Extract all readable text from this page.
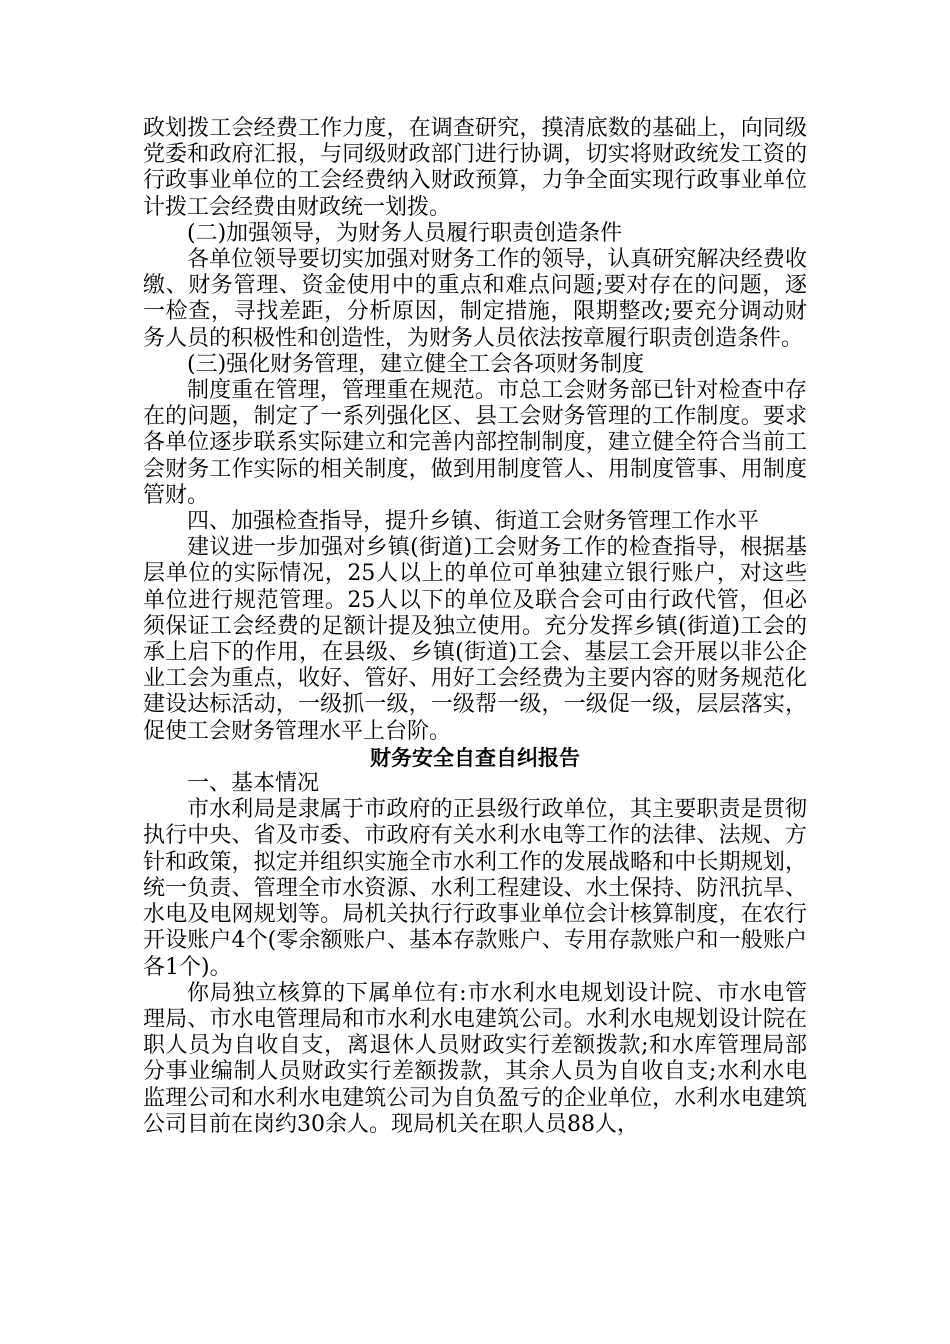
政划拨工会经费工作力度，在调查研究，摸清底数的基础上，向同级党委和政府汇报，与同级财政部门进行协调，切实将财政统发工资的行政事业单位的工会经费纳入财政预算，力争全面实现行政事业单位计拨工会经费由财政统一划拨。

(二)加强领导，为财务人员履行职责创造条件

各单位领导要切实加强对财务工作的领导，认真研究解决经费收缴、财务管理、资金使用中的重点和难点问题;要对存在的问题，逐一检查，寻找差距，分析原因，制定措施，限期整改;要充分调动财务人员的积极性和创造性，为财务人员依法按章履行职责创造条件。

(三)强化财务管理，建立健全工会各项财务制度

制度重在管理，管理重在规范。市总工会财务部已针对检查中存在的问题，制定了一系列强化区、县工会财务管理的工作制度。要求各单位逐步联系实际建立和完善内部控制制度，建立健全符合当前工会财务工作实际的相关制度，做到用制度管人、用制度管事、用制度管财。

四、加强检查指导，提升乡镇、街道工会财务管理工作水平

建议进一步加强对乡镇(街道)工会财务工作的检查指导，根据基层单位的实际情况，25人以上的单位可单独建立银行账户，对这些单位进行规范管理。25人以下的单位及联合会可由行政代管，但必须保证工会经费的足额计提及独立使用。充分发挥乡镇(街道)工会的承上启下的作用，在县级、乡镇(街道)工会、基层工会开展以非公企业工会为重点，收好、管好、用好工会经费为主要内容的财务规范化建设达标活动，一级抓一级，一级帮一级，一级促一级，层层落实，促使工会财务管理水平上台阶。

财务安全自查自纠报告

一、基本情况

市水利局是隶属于市政府的正县级行政单位，其主要职责是贯彻执行中央、省及市委、市政府有关水利水电等工作的法律、法规、方针和政策，拟定并组织实施全市水利工作的发展战略和中长期规划，统一负责、管理全市水资源、水利工程建设、水土保持、防汛抗旱、水电及电网规划等。局机关执行行政事业单位会计核算制度，在农行开设账户4个(零余额账户、基本存款账户、专用存款账户和一般账户各1个)。

你局独立核算的下属单位有:市水利水电规划设计院、市水电管理局、市水电管理局和市水利水电建筑公司。水利水电规划设计院在职人员为自收自支，离退休人员财政实行差额拨款;和水库管理局部分事业编制人员财政实行差额拨款，其余人员为自收自支;水利水电监理公司和水利水电建筑公司为自负盈亏的企业单位，水利水电建筑公司目前在岗约30余人。现局机关在职人员88人，
